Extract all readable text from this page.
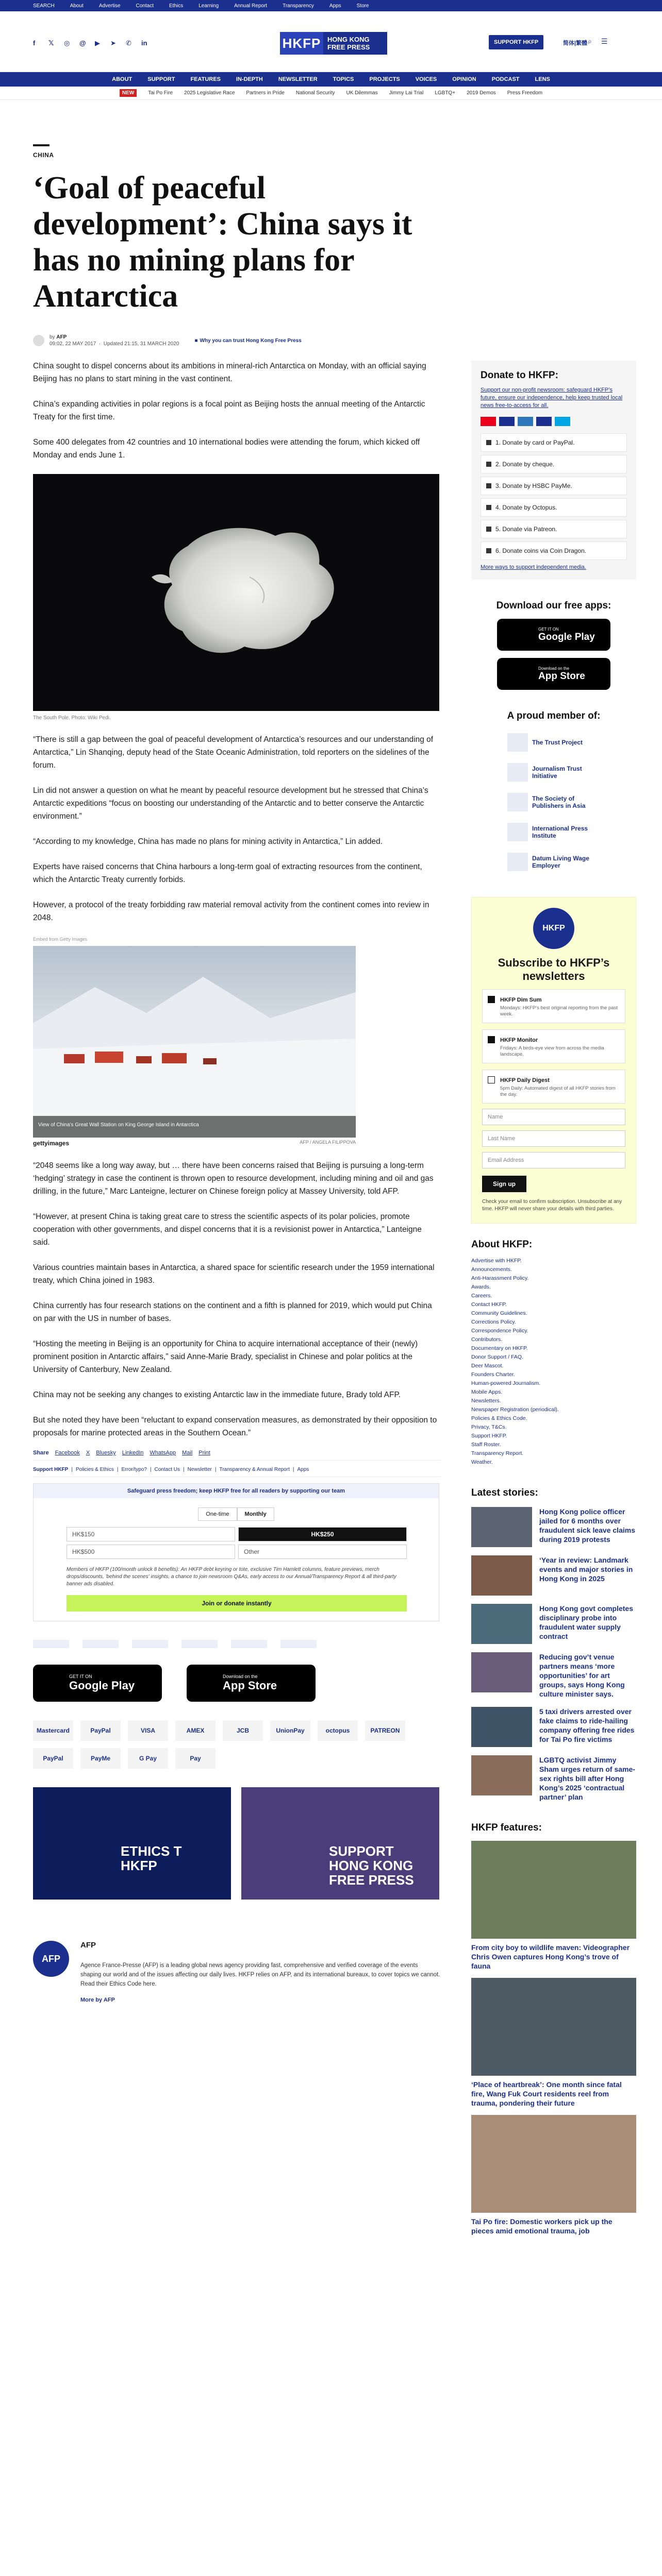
SEARCH	About	Advertise	Contact	Ethics	Learning	Annual Report	Transparency	Apps	Store
f	𝕏	◎	@ ▶	➤	✆	in	HKFP HONG KONG
FREE PRESS
SUPPORT HKFP	简体|繁體 ⌕ ☰
ABOUT	SUPPORT	FEATURES	IN-DEPTH	NEWSLETTER	TOPICS	PROJECTS	VOICES	OPINION	PODCAST	LENS
NEW	Tai Po Fire 2025 Legislative Race Partners in Pride National Security UK Dilemmas Jimmy Lai Trial LGBTQ+ 2019 Demos Press Freedom
CHINA
‘Goal of peaceful development’: China says it has no mining plans for Antarctica
by AFP
09:02, 22 MAY 2017  ·  Updated 21:15, 31 MARCH 2020
■ Why you can trust Hong Kong Free Press

China sought to dispel concerns about its ambitions in mineral-rich Antarctica on Monday, with an official saying Beijing has no plans to start mining in the vast continent.

China’s expanding activities in polar regions is a focal point as Beijing hosts the annual meeting of the Antarctic Treaty for the first time.

Some 400 delegates from 42 countries and 10 international bodies were attending the forum, which kicked off Monday and ends June 1.

The South Pole. Photo: Wiki Pedi.

“There is still a gap between the goal of peaceful development of Antarctica’s resources and our understanding of Antarctica,” Lin Shanqing, deputy head of the State Oceanic Administration, told reporters on the sidelines of the forum.

Lin did not answer a question on what he meant by peaceful resource development but he stressed that China’s Antarctic expeditions “focus on boosting our understanding of the Antarctic and to better conserve the Antarctic environment.”

“According to my knowledge, China has made no plans for mining activity in Antarctica,” Lin added.

Experts have raised concerns that China harbours a long-term goal of extracting resources from the continent, which the Antarctic Treaty currently forbids.

However, a protocol of the treaty forbidding raw material removal activity from the continent comes into review in 2048.

Embed from Getty Images
View of China’s Great Wall Station on King George Island in Antarctica
gettyimages	AFP / ANGELA FILIPPOVA

“2048 seems like a long way away, but … there have been concerns raised that Beijing is pursuing a long-term ‘hedging’ strategy in case the continent is thrown open to resource development, including mining and oil and gas drilling, in the future,” Marc Lanteigne, lecturer on Chinese foreign policy at Massey University, told AFP.

“However, at present China is taking great care to stress the scientific aspects of its polar policies, promote cooperation with other governments, and dispel concerns that it is a revisionist power in Antarctica,” Lanteigne said.

Various countries maintain bases in Antarctica, a shared space for scientific research under the 1959 international treaty, which China joined in 1983.

China currently has four research stations on the continent and a fifth is planned for 2019, which would put China on par with the US in number of bases.

“Hosting the meeting in Beijing is an opportunity for China to acquire international acceptance of their (newly) prominent position in Antarctic affairs,” said Anne-Marie Brady, specialist in Chinese and polar politics at the University of Canterbury, New Zealand.

China may not be seeking any changes to existing Antarctic law in the immediate future, Brady told AFP.

But she noted they have been “reluctant to expand conservation measures, as demonstrated by their opposition to proposals for marine protected areas in the Southern Ocean.”

Share Facebook X Bluesky LinkedIn WhatsApp Mail Print
Support HKFP | Policies & Ethics | Error/typo? | Contact Us | Newsletter | Transparency & Annual Report | Apps
Safeguard press freedom; keep HKFP free for all readers by supporting our team
One-time	Monthly
HK$150	HK$250
HK$500	Other
Members of HKFP (100/month unlock 8 benefits): An HKFP debt keyring or tote, exclusive Tim Hamlett columns, feature previews, merch drops/discounts, 'behind the scenes' insights, a chance to join newsroom Q&As, early access to our Annual/Transparency Report & all third-party banner ads disabled.
Join or donate instantly
GET IT ON
Google Play
Download on the
App Store
Mastercard	PayPal	VISA	AMEX	JCB	UnionPay	octopus	PATREON
PayPal	PayMe	G Pay	Pay
ETHICS T HKFP
SUPPORT HONG KONG FREE PRESS
AFP
AFP

Agence France-Presse (AFP) is a leading global news agency providing fast, comprehensive and verified coverage of the events shaping our world and of the issues affecting our daily lives. HKFP relies on AFP, and its international bureaux, to cover topics we cannot. Read their Ethics Code here.

More by AFP
Donate to HKFP:
Support our non-profit newsroom: safeguard HKFP’s future, ensure our independence, help keep trusted local news free-to-access for all.
1. Donate by card or PayPal.
2. Donate by cheque.
3. Donate by HSBC PayMe.
4. Donate by Octopus.
5. Donate via Patreon.
6. Donate coins via Coin Dragon.
More ways to support independent media.
Download our free apps:
GET IT ON
Google Play
Download on the
App Store
A proud member of:
The Trust Project
Journalism Trust Initiative
The Society of Publishers in Asia
International Press Institute
Datum Living Wage Employer
HKFP
Subscribe to HKFP’s newsletters
HKFP Dim Sum
Mondays: HKFP’s best original reporting from the past week.
HKFP Monitor
Fridays: A birds-eye view from across the media landscape.
HKFP Daily Digest
5pm Daily: Automated digest of all HKFP stories from the day.
Name
Last Name
Email Address
Sign up
Check your email to confirm subscription. Unsubscribe at any time. HKFP will never share your details with third parties.
About HKFP:
Advertise with HKFP.
Announcements.
Anti-Harassment Policy.
Awards.
Careers.
Contact HKFP.
Community Guidelines.
Corrections Policy.
Correspondence Policy.
Contributors.
Documentary on HKFP.
Donor Support / FAQ.
Deer Mascot.
Founders Charter.
Human-powered Journalism.
Mobile Apps.
Newsletters.
Newspaper Registration (periodical).
Policies & Ethics Code.
Privacy, T&Cs.
Support HKFP.
Staff Roster.
Transparency Report.
Weather.
Latest stories:
Hong Kong police officer jailed for 6 months over fraudulent sick leave claims during 2019 protests
‘Year in review: Landmark events and major stories in Hong Kong in 2025
Hong Kong govt completes disciplinary probe into fraudulent water supply contract
Reducing gov’t venue partners means ‘more opportunities’ for art groups, says Hong Kong culture minister says.
5 taxi drivers arrested over fake claims to ride-hailing company offering free rides for Tai Po fire victims
LGBTQ activist Jimmy Sham urges return of same-sex rights bill after Hong Kong’s 2025 ‘contractual partner’ plan
HKFP features:
From city boy to wildlife maven: Videographer Chris Owen captures Hong Kong’s trove of fauna
‘Place of heartbreak’: One month since fatal fire, Wang Fuk Court residents reel from trauma, pondering their future
Tai Po fire: Domestic workers pick up the pieces amid emotional trauma, job
